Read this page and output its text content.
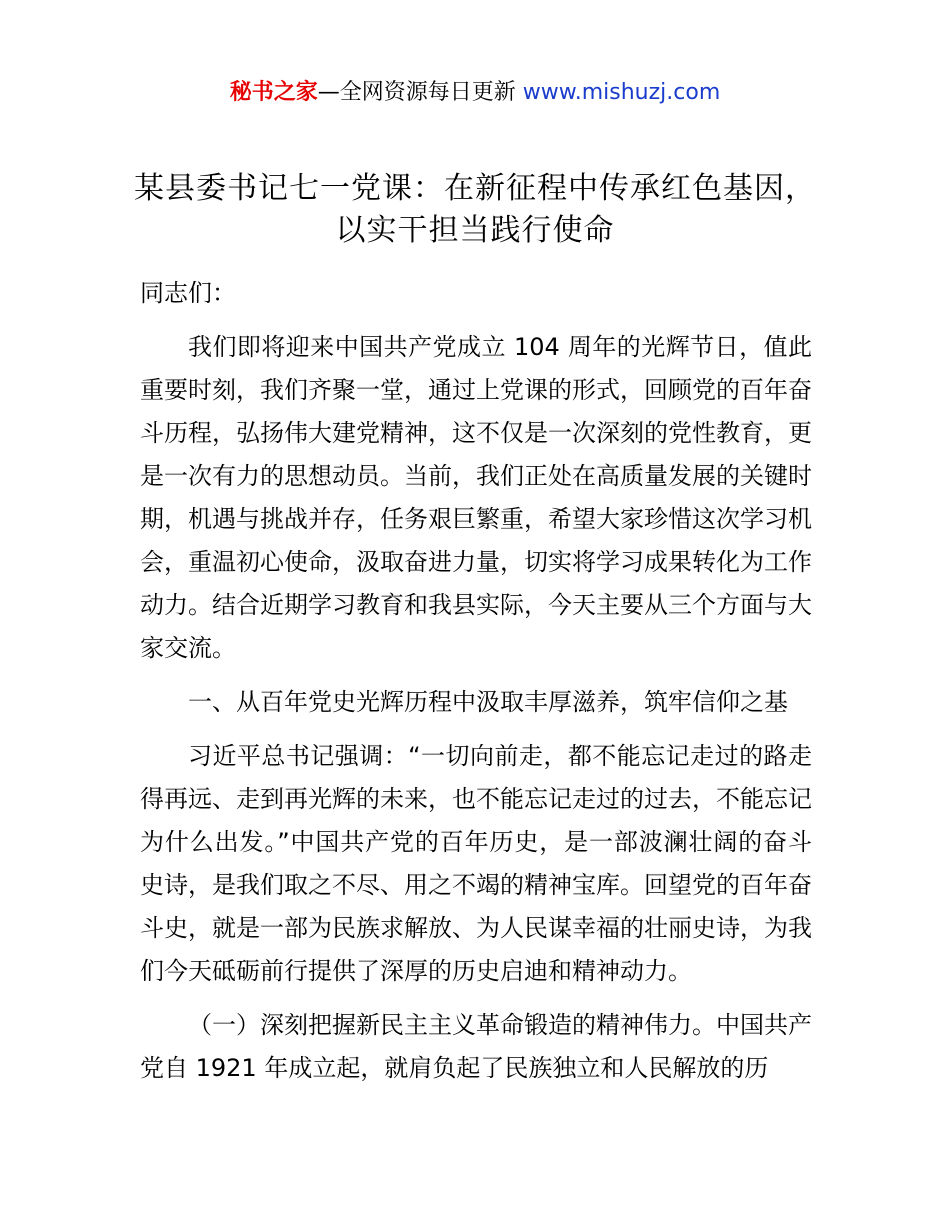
秘书之家—全网资源每日更新 www.mishuzj.com
某县委书记七一党课：在新征程中传承红色基因，以实干担当践行使命

同志们：

我们即将迎来中国共产党成立 104 周年的光辉节日，值此重要时刻，我们齐聚一堂，通过上党课的形式，回顾党的百年奋斗历程，弘扬伟大建党精神，这不仅是一次深刻的党性教育，更是一次有力的思想动员。当前，我们正处在高质量发展的关键时期，机遇与挑战并存，任务艰巨繁重，希望大家珍惜这次学习机会，重温初心使命，汲取奋进力量，切实将学习成果转化为工作动力。结合近期学习教育和我县实际，今天主要从三个方面与大家交流。

一、从百年党史光辉历程中汲取丰厚滋养，筑牢信仰之基

习近平总书记强调：“一切向前走，都不能忘记走过的路走得再远、走到再光辉的未来，也不能忘记走过的过去，不能忘记为什么出发。”中国共产党的百年历史，是一部波澜壮阔的奋斗史诗，是我们取之不尽、用之不竭的精神宝库。回望党的百年奋斗史，就是一部为民族求解放、为人民谋幸福的壮丽史诗，为我们今天砥砺前行提供了深厚的历史启迪和精神动力。

（一）深刻把握新民主主义革命锻造的精神伟力。中国共产党自 1921 年成立起，就肩负起了民族独立和人民解放的历
